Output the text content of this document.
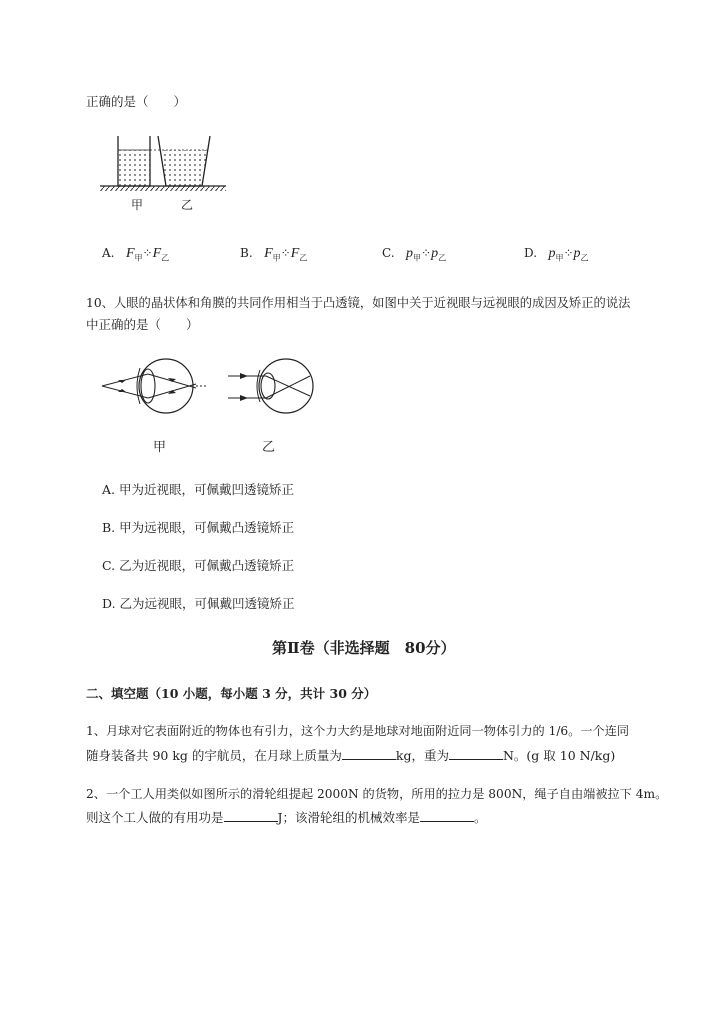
正确的是（　　）
甲	乙
A. $F_甲⁘F_乙$	B. $F_甲⁘F_乙$	C. $p_甲⁘p_乙$	D. $p_甲⁘p_乙$
10、人眼的晶状体和角膜的共同作用相当于凸透镜，如图中关于近视眼与远视眼的成因及矫正的说法
中正确的是（　　）
甲	乙
A. 甲为近视眼，可佩戴凹透镜矫正
B. 甲为远视眼，可佩戴凸透镜矫正
C. 乙为近视眼，可佩戴凸透镜矫正
D. 乙为远视眼，可佩戴凹透镜矫正
第Ⅱ卷（非选择题　80分）
二、填空题（10 小题，每小题 3 分，共计 30 分）
1、月球对它表面附近的物体也有引力，这个力大约是地球对地面附近同一物体引力的 1/6。一个连同
随身装备共 90 kg 的宇航员，在月球上质量为	kg，重为	N。(g 取 10 N/kg)
2、一个工人用类似如图所示的滑轮组提起 2000N 的货物，所用的拉力是 800N，绳子自由端被拉下 4m。
则这个工人做的有用功是	J；该滑轮组的机械效率是	。
